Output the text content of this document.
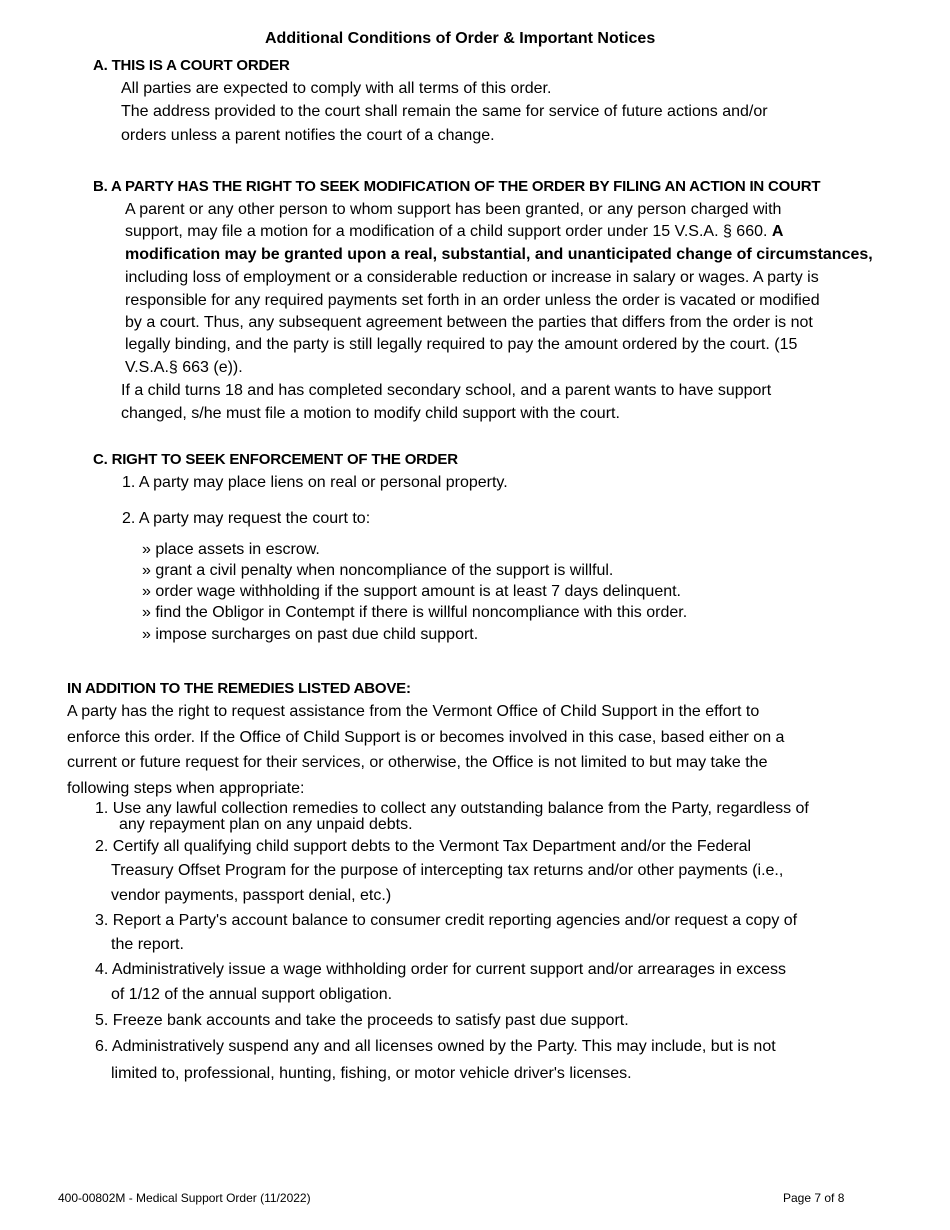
Additional Conditions of Order & Important Notices
A. THIS IS A COURT ORDER
All parties are expected to comply with all terms of this order.
The address provided to the court shall remain the same for service of future actions and/or
orders unless a parent notifies the court of a change.
B. A PARTY HAS THE RIGHT TO SEEK MODIFICATION OF THE ORDER BY FILING AN ACTION IN COURT
A parent or any other person to whom support has been granted, or any person charged with
support, may file a motion for a modification of a child support order under 15 V.S.A. § 660. A
modification may be granted upon a real, substantial, and unanticipated change of circumstances,
including loss of employment or a considerable reduction or increase in salary or wages. A party is
responsible for any required payments set forth in an order unless the order is vacated or modified
by a court. Thus, any subsequent agreement between the parties that differs from the order is not
legally binding, and the party is still legally required to pay the amount ordered by the court. (15
V.S.A.§ 663 (e)).
If a child turns 18 and has completed secondary school, and a parent wants to have support
changed, s/he must file a motion to modify child support with the court.
C. RIGHT TO SEEK ENFORCEMENT OF THE ORDER
1. A party may place liens on real or personal property.
2. A party may request the court to:
» place assets in escrow.
» grant a civil penalty when noncompliance of the support is willful.
» order wage withholding if the support amount is at least 7 days delinquent.
» find the Obligor in Contempt if there is willful noncompliance with this order.
» impose surcharges on past due child support.
IN ADDITION TO THE REMEDIES LISTED ABOVE:
A party has the right to request assistance from the Vermont Office of Child Support in the effort to
enforce this order. If the Office of Child Support is or becomes involved in this case, based either on a
current or future request for their services, or otherwise, the Office is not limited to but may take the
following steps when appropriate:
1. Use any lawful collection remedies to collect any outstanding balance from the Party, regardless of
any repayment plan on any unpaid debts.
2. Certify all qualifying child support debts to the Vermont Tax Department and/or the Federal
Treasury Offset Program for the purpose of intercepting tax returns and/or other payments (i.e.,
vendor payments, passport denial, etc.)
3. Report a Party's account balance to consumer credit reporting agencies and/or request a copy of
the report.
4. Administratively issue a wage withholding order for current support and/or arrearages in excess
of 1/12 of the annual support obligation.
5. Freeze bank accounts and take the proceeds to satisfy past due support.
6. Administratively suspend any and all licenses owned by the Party. This may include, but is not
limited to, professional, hunting, fishing, or motor vehicle driver's licenses.
400-00802M - Medical Support Order (11/2022)	Page 7 of 8
